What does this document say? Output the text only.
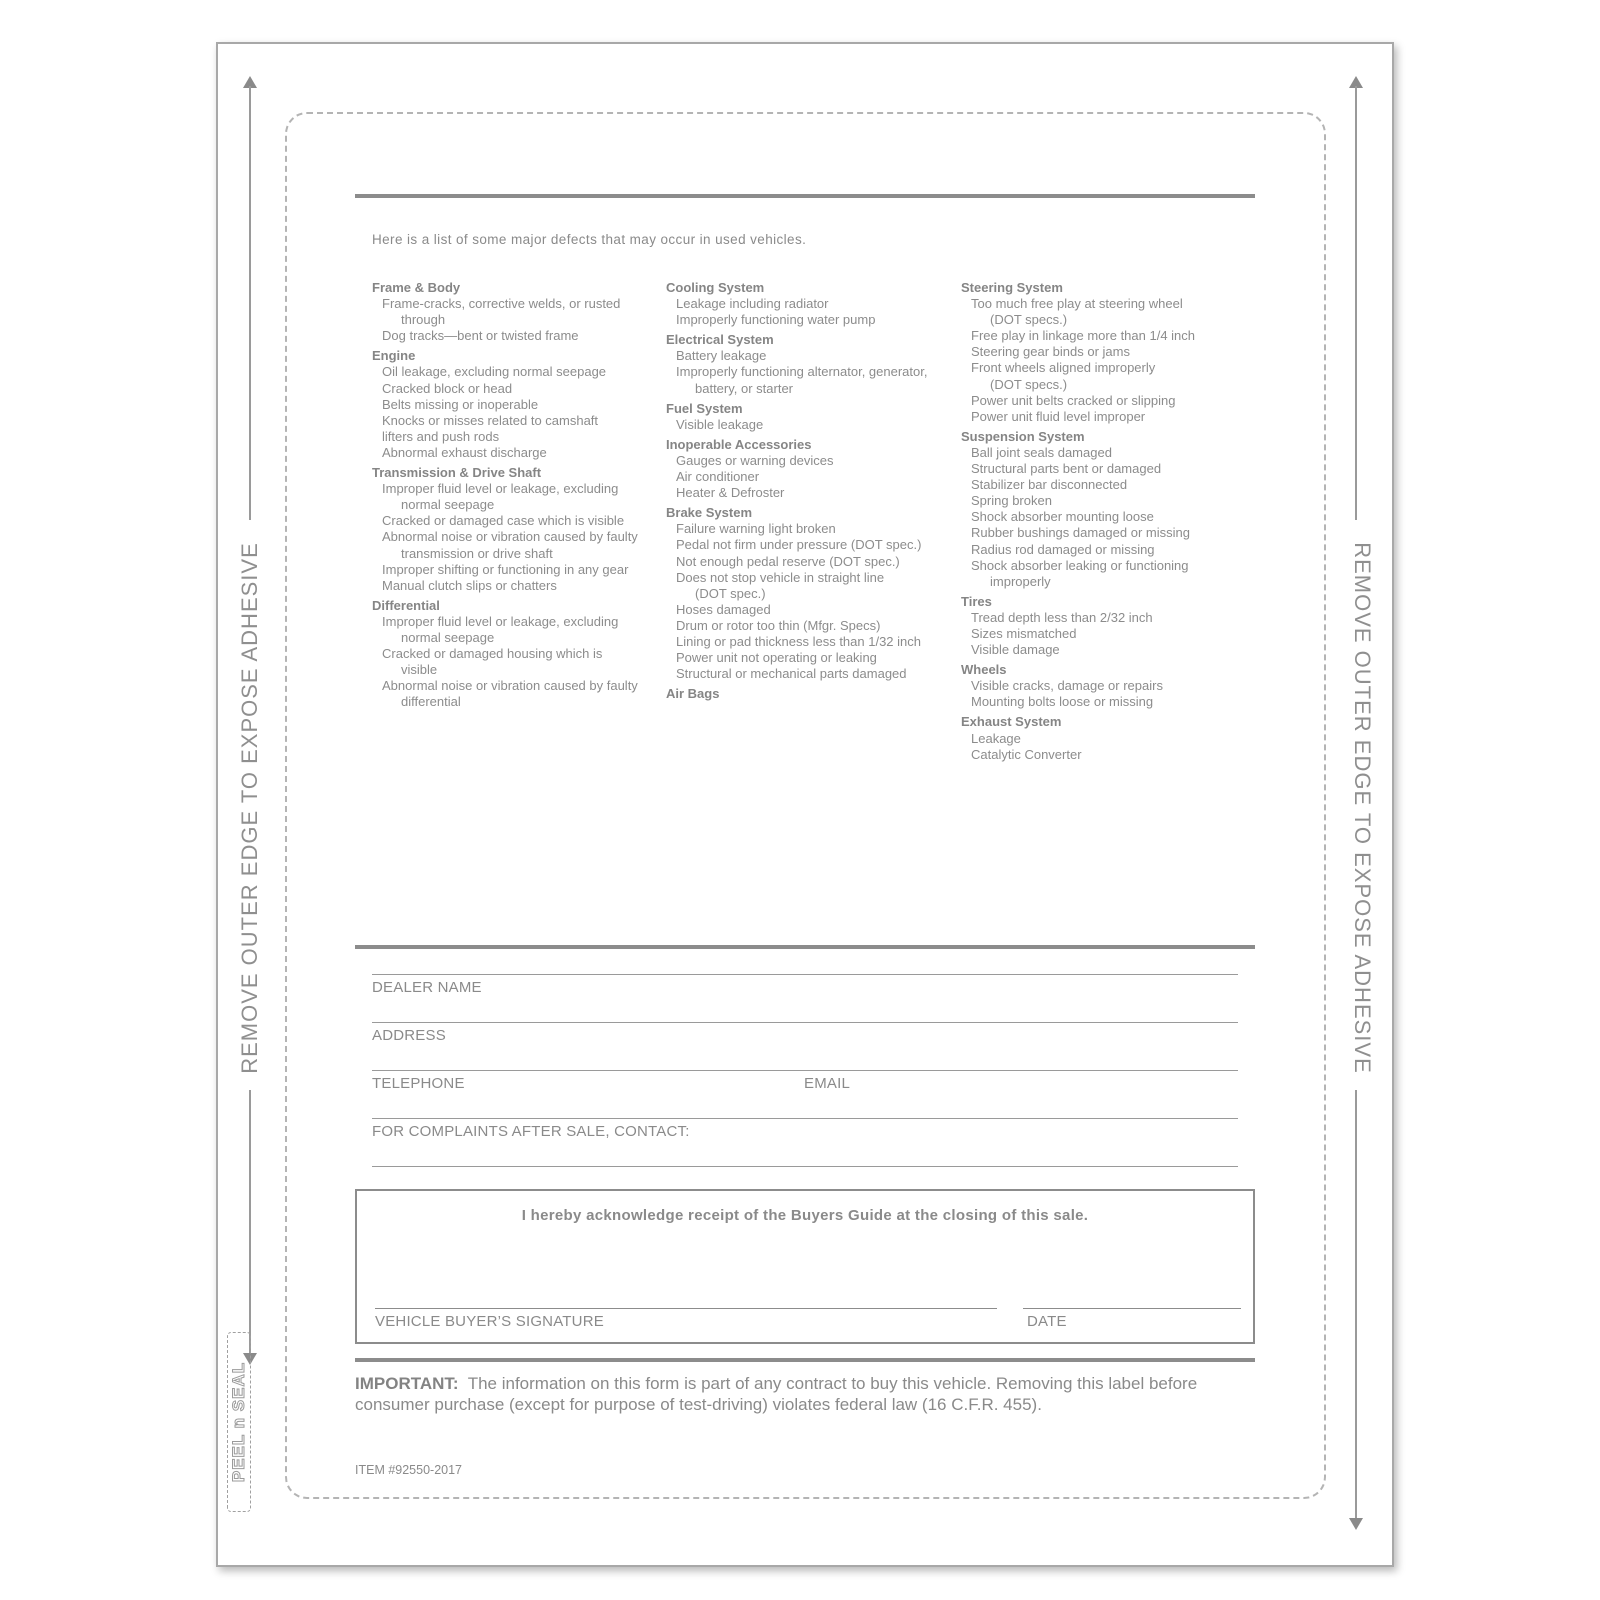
REMOVE OUTER EDGE TO EXPOSE ADHESIVE	REMOVE OUTER EDGE TO EXPOSE ADHESIVE
PEEL n SEAL
Here is a list of some major defects that may occur in used vehicles.
Frame & Body
Frame-cracks, corrective welds, or rusted
through
Dog tracks—bent or twisted frame
Engine
Oil leakage, excluding normal seepage
Cracked block or head
Belts missing or inoperable
Knocks or misses related to camshaft
lifters and push rods
Abnormal exhaust discharge
Transmission & Drive Shaft
Improper fluid level or leakage, excluding
normal seepage
Cracked or damaged case which is visible
Abnormal noise or vibration caused by faulty
transmission or drive shaft
Improper shifting or functioning in any gear
Manual clutch slips or chatters
Differential
Improper fluid level or leakage, excluding
normal seepage
Cracked or damaged housing which is
visible
Abnormal noise or vibration caused by faulty
differential
Cooling System
Leakage including radiator
Improperly functioning water pump
Electrical System
Battery leakage
Improperly functioning alternator, generator,
battery, or starter
Fuel System
Visible leakage
Inoperable Accessories
Gauges or warning devices
Air conditioner
Heater & Defroster
Brake System
Failure warning light broken
Pedal not firm under pressure (DOT spec.)
Not enough pedal reserve (DOT spec.)
Does not stop vehicle in straight line
(DOT spec.)
Hoses damaged
Drum or rotor too thin (Mfgr. Specs)
Lining or pad thickness less than 1/32 inch
Power unit not operating or leaking
Structural or mechanical parts damaged
Air Bags
Steering System
Too much free play at steering wheel
(DOT specs.)
Free play in linkage more than 1/4 inch
Steering gear binds or jams
Front wheels aligned improperly
(DOT specs.)
Power unit belts cracked or slipping
Power unit fluid level improper
Suspension System
Ball joint seals damaged
Structural parts bent or damaged
Stabilizer bar disconnected
Spring broken
Shock absorber mounting loose
Rubber bushings damaged or missing
Radius rod damaged or missing
Shock absorber leaking or functioning
improperly
Tires
Tread depth less than 2/32 inch
Sizes mismatched
Visible damage
Wheels
Visible cracks, damage or repairs
Mounting bolts loose or missing
Exhaust System
Leakage
Catalytic Converter
DEALER NAME
ADDRESS
TELEPHONE	EMAIL
FOR COMPLAINTS AFTER SALE, CONTACT:
I hereby acknowledge receipt of the Buyers Guide at the closing of this sale.
VEHICLE BUYER’S SIGNATURE	DATE
IMPORTANT: The information on this form is part of any contract to buy this vehicle. Removing this label before consumer purchase (except for purpose of test-driving) violates federal law (16 C.F.R. 455).
ITEM #92550-2017
